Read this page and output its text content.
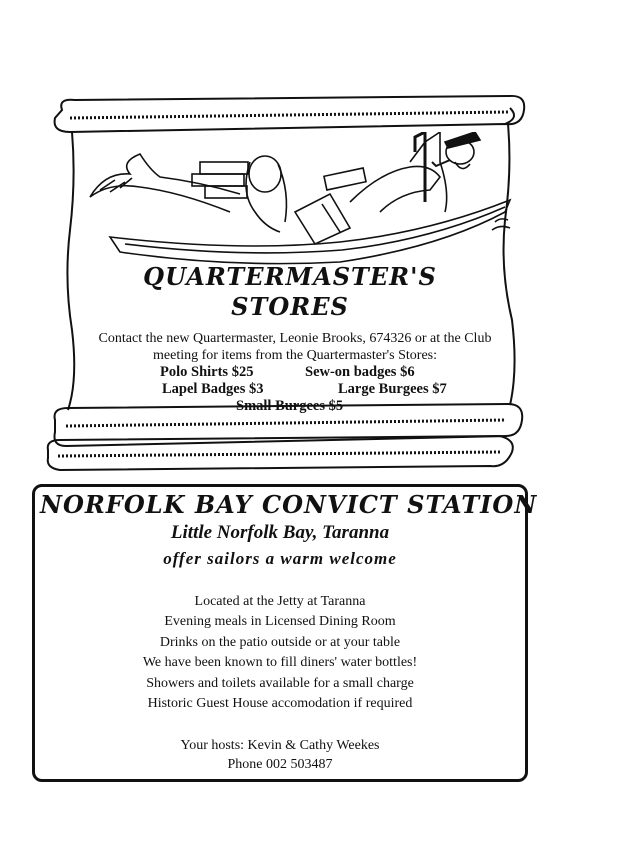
QUARTERMASTER'S
STORES
Contact the new Quartermaster, Leonie Brooks, 674326 or at the Club meeting for items from the Quartermaster's Stores:
Polo Shirts $25	Sew-on badges $6
Lapel Badges $3	Large Burgees $7
Small Burgees $5
NORFOLK BAY CONVICT STATION
Little Norfolk Bay, Taranna
offer sailors a warm welcome
Located at the Jetty at Taranna
Evening meals in Licensed Dining Room
Drinks on the patio outside or at your table
We have been known to fill diners' water bottles!
Showers and toilets available for a small charge
Historic Guest House accomodation if required
Your hosts: Kevin & Cathy Weekes
Phone 002 503487
